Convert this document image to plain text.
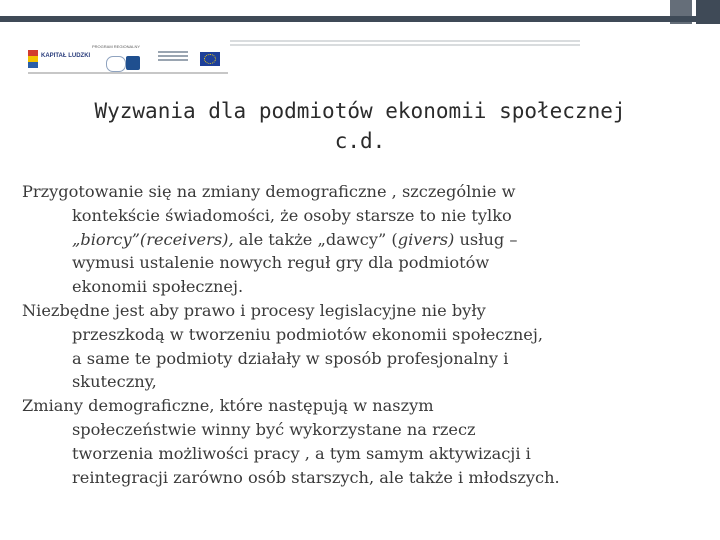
PROGRAM REGIONALNY
KAPITAŁ LUDZKI
Wyzwania dla podmiotów ekonomii społecznej
c.d.

Przygotowanie się na zmiany demograficzne , szczególnie w
kontekście świadomości, że osoby starsze to nie tylko
„biorcy”(receivers), ale także „dawcy” (givers) usług –
wymusi ustalenie nowych reguł gry dla podmiotów
ekonomii społecznej.

Niezbędne jest aby prawo i procesy legislacyjne nie były
przeszkodą w tworzeniu podmiotów ekonomii społecznej,
a same te podmioty działały w sposób profesjonalny i
skuteczny,

Zmiany demograficzne, które następują w naszym
społeczeństwie winny być wykorzystane na rzecz
tworzenia możliwości pracy , a tym samym aktywizacji i
reintegracji zarówno osób starszych, ale także i młodszych.
